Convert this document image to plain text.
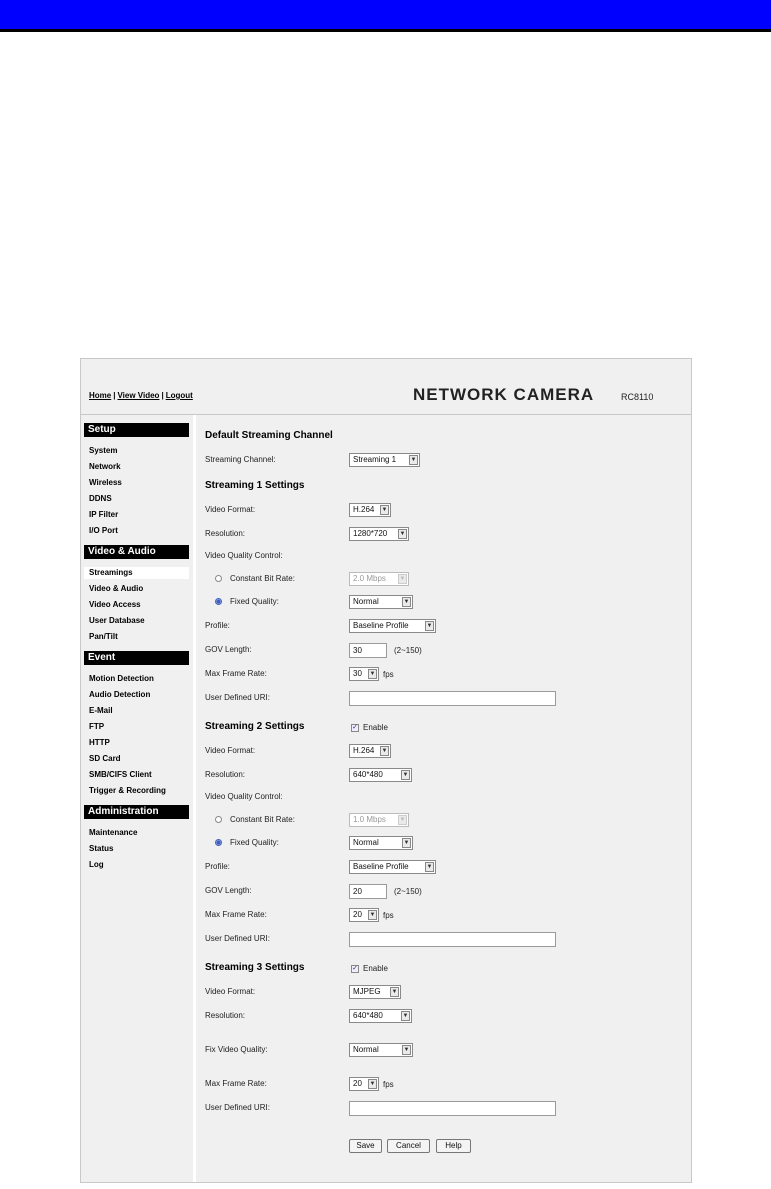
Home | View Video | Logout	NETWORK CAMERA	RC8110
Setup
System
Network
Wireless
DDNS
IP Filter
I/O Port
Video & Audio
Streamings
Video & Audio
Video Access
User Database
Pan/Tilt
Event
Motion Detection
Audio Detection
E-Mail
FTP
HTTP
SD Card
SMB/CIFS Client
Trigger & Recording
Administration
Maintenance
Status
Log
Default Streaming Channel
Streaming Channel:	Streaming 1 ▼
Streaming 1 Settings
Video Format:	H.264 ▼
Resolution:	1280*720 ▼
Video Quality Control:
Constant Bit Rate:	2.0 Mbps ▼
Fixed Quality:	Normal	▼
Profile:	Baseline Profile	▼
GOV Length:	30	(2~150)
Max Frame Rate:	30 ▼ fps
User Defined URI:
Streaming 2 Settings	✓ Enable
Video Format:	H.264 ▼
Resolution:	640*480	▼
Video Quality Control:
Constant Bit Rate:	1.0 Mbps ▼
Fixed Quality:	Normal	▼
Profile:	Baseline Profile	▼
GOV Length:	20	(2~150)
Max Frame Rate:	20 ▼ fps
User Defined URI:
Streaming 3 Settings	✓ Enable
Video Format:	MJPEG ▼
Resolution:	640*480	▼
Fix Video Quality:	Normal	▼
Max Frame Rate:	20 ▼ fps
User Defined URI:
Save	Cancel	Help
